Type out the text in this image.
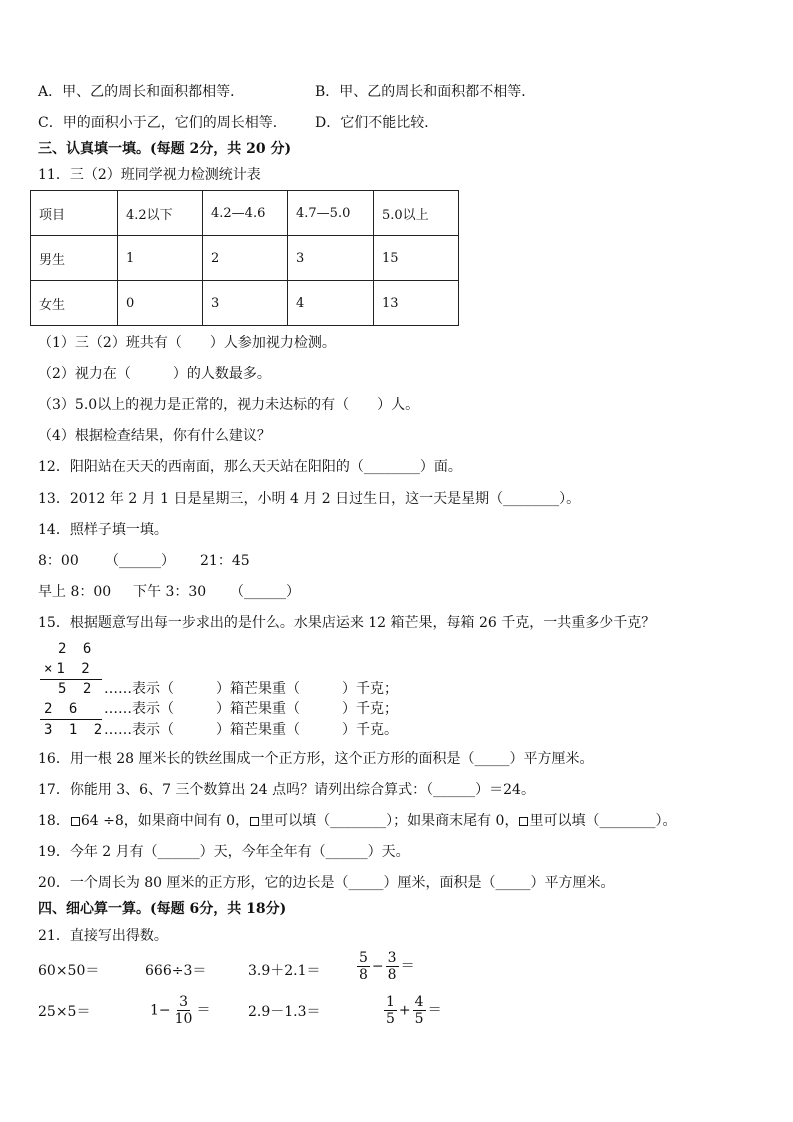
A．甲、乙的周长和面积都相等．	B．甲、乙的周长和面积都不相等．
C．甲的面积小于乙，它们的周长相等． D．它们不能比较．
三、认真填一填。(每题 2分，共 20 分)
11．三（2）班同学视力检测统计表
项目	4.2以下	4.2—4.6	4.7—5.0	5.0以上
男生	1	2	3	15
女生	0	3	4	13
（1）三（2）班共有（　　）人参加视力检测。
（2）视力在（　　　）的人数最多。
（3）5.0以上的视力是正常的，视力未达标的有（　　）人。
（4）根据检查结果，你有什么建议？
12．阳阳站在天天的西南面，那么天天站在阳阳的（________）面。
13．2012 年 2 月 1 日是星期三，小明 4 月 2 日过生日，这一天是星期（________）。
14．照样子填一填。
8：00 （______） 21：45
早上 8：00 下午 3：30 （______）
15．根据题意写出每一步求出的是什么。水果店运来 12 箱芒果，每箱 26 千克，一共重多少千克？
2 6
×1 2
5 2 ……表示（　　　）箱芒果重（　　　）千克；
2 6 ……表示（　　　）箱芒果重（　　　）千克；
3 1 2
……表示（　　　）箱芒果重（　　　）千克。
16．用一根 28 厘米长的铁丝围成一个正方形，这个正方形的面积是（_____）平方厘米。
17．你能用 3、6、7 三个数算出 24 点吗？请列出综合算式：（______）＝24。
18． 64 ÷8，如果商中间有 0， 里可以填（________）；如果商末尾有 0， 里可以填（________）。
19．今年 2 月有（______）天，今年全年有（______）天。
20．一个周长为 80 厘米的正方形，它的边长是（_____）厘米，面积是（_____）平方厘米。
四、细心算一算。(每题 6分，共 18分)
21．直接写出得数。
60×50＝	666÷3＝	3.9＋2.1＝	$\frac{5}{8} - \frac{3}{8}$ ＝
25×5＝	$1- \frac{3}{10}$ ＝	2.9－1.3＝	$\frac{1}{5} + \frac{4}{5}$ ＝
